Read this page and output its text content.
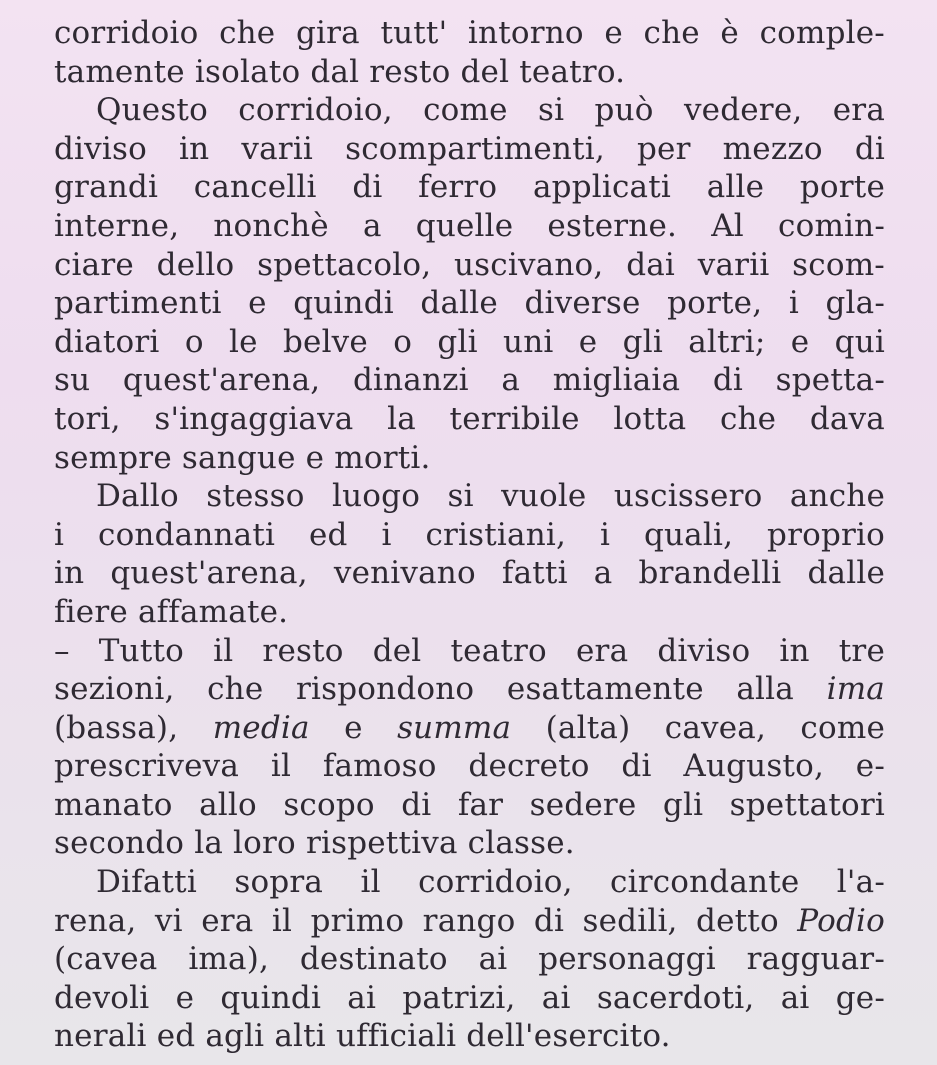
corridoio che gira tutt' intorno e che è comple-
tamente isolato dal resto del teatro.

Questo corridoio, come si può vedere, era
diviso in varii scompartimenti, per mezzo di
grandi cancelli di ferro applicati alle porte
interne, nonchè a quelle esterne. Al comin-
ciare dello spettacolo, uscivano, dai varii scom-
partimenti e quindi dalle diverse porte, i gla-
diatori o le belve o gli uni e gli altri; e qui
su quest'arena, dinanzi a migliaia di spetta-
tori, s'ingaggiava la terribile lotta che dava
sempre sangue e morti.

Dallo stesso luogo si vuole uscissero anche
i condannati ed i cristiani, i quali, proprio
in quest'arena, venivano fatti a brandelli dalle
fiere affamate.

– Tutto il resto del teatro era diviso in tre
sezioni, che rispondono esattamente alla ima
(bassa), media e summa (alta) cavea, come
prescriveva il famoso decreto di Augusto, e-
manato allo scopo di far sedere gli spettatori
secondo la loro rispettiva classe.

Difatti sopra il corridoio, circondante l'a-
rena, vi era il primo rango di sedili, detto Podio
(cavea ima), destinato ai personaggi ragguar-
devoli e quindi ai patrizi, ai sacerdoti, ai ge-
nerali ed agli alti ufficiali dell'esercito.
